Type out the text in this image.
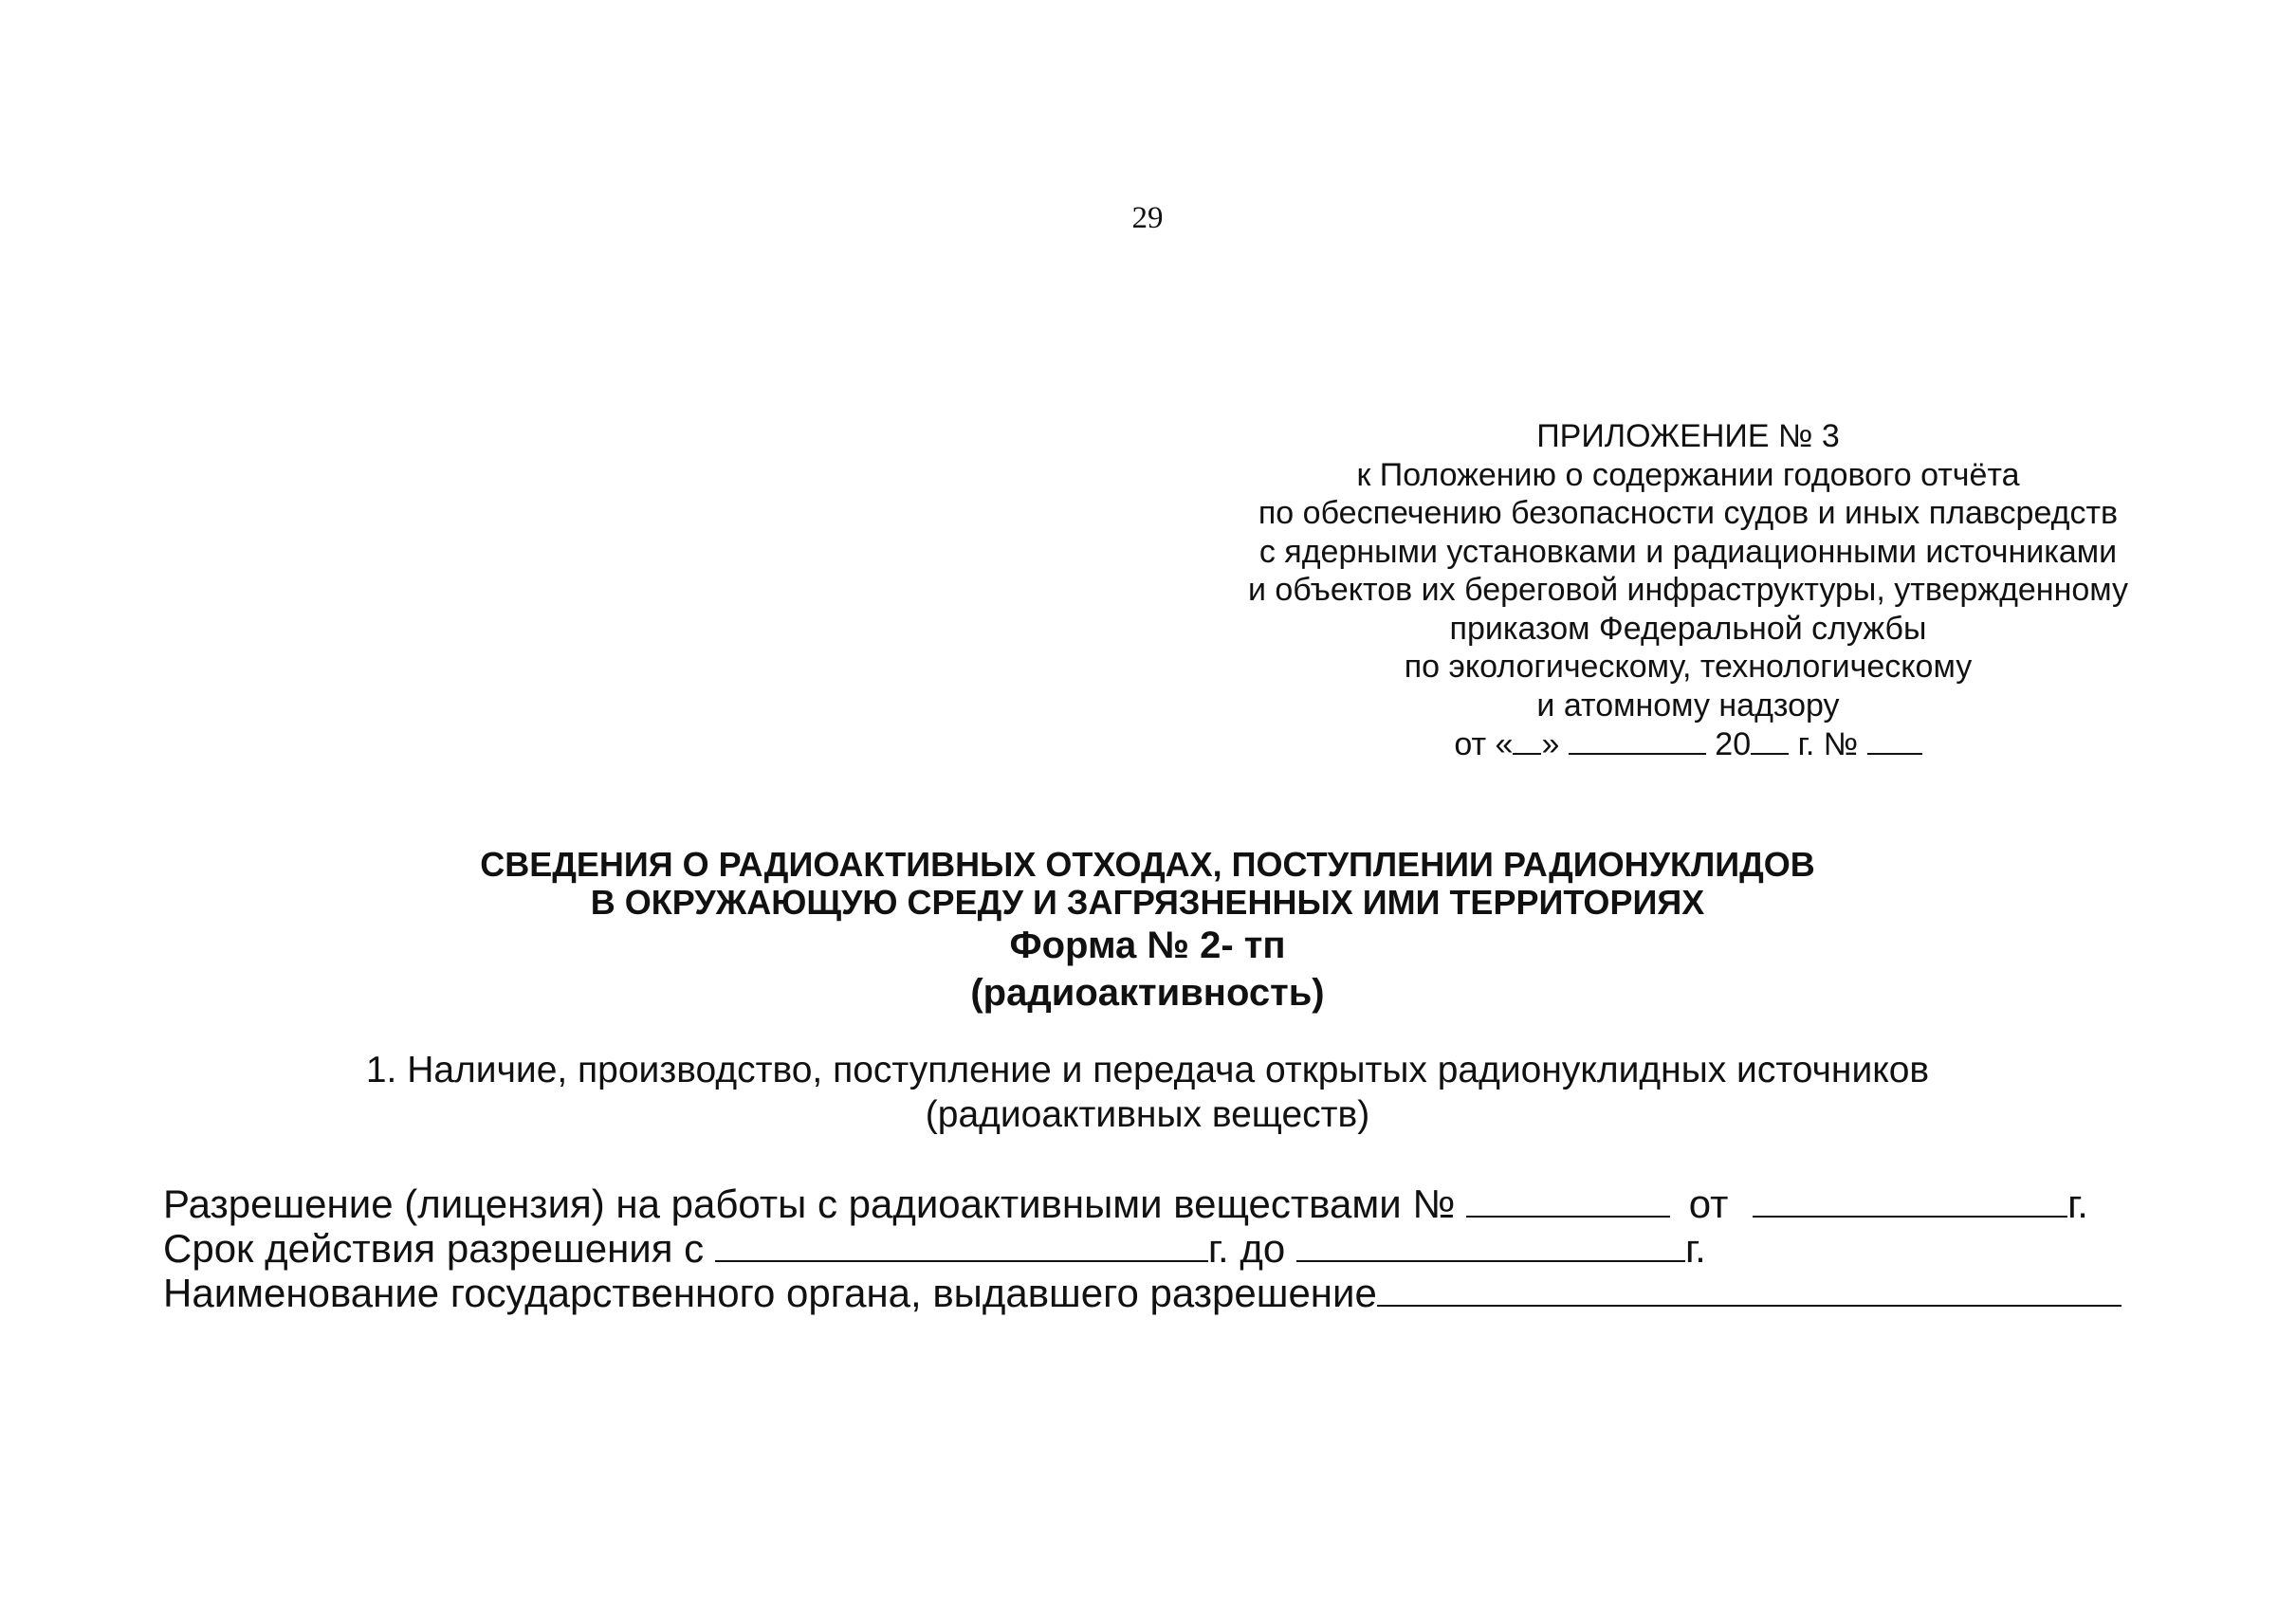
29
ПРИЛОЖЕНИЕ № 3
к Положению о содержании годового отчёта
по обеспечению безопасности судов и иных плавсредств
с ядерными установками и радиационными источниками
и объектов их береговой инфраструктуры, утвержденному
приказом Федеральной службы
по экологическому, технологическому
и атомному надзору
от « »	20 г. №
СВЕДЕНИЯ О РАДИОАКТИВНЫХ ОТХОДАХ, ПОСТУПЛЕНИИ РАДИОНУКЛИДОВ
В ОКРУЖАЮЩУЮ СРЕДУ И ЗАГРЯЗНЕННЫХ ИМИ ТЕРРИТОРИЯХ
Форма № 2- тп
(радиоактивность)
1. Наличие, производство, поступление и передача открытых радионуклидных источников
(радиоактивных веществ)
Разрешение (лицензия) на работы с радиоактивными веществами №	от	г.
Срок действия разрешения с	г. до	г.
Наименование государственного органа, выдавшего разрешение
